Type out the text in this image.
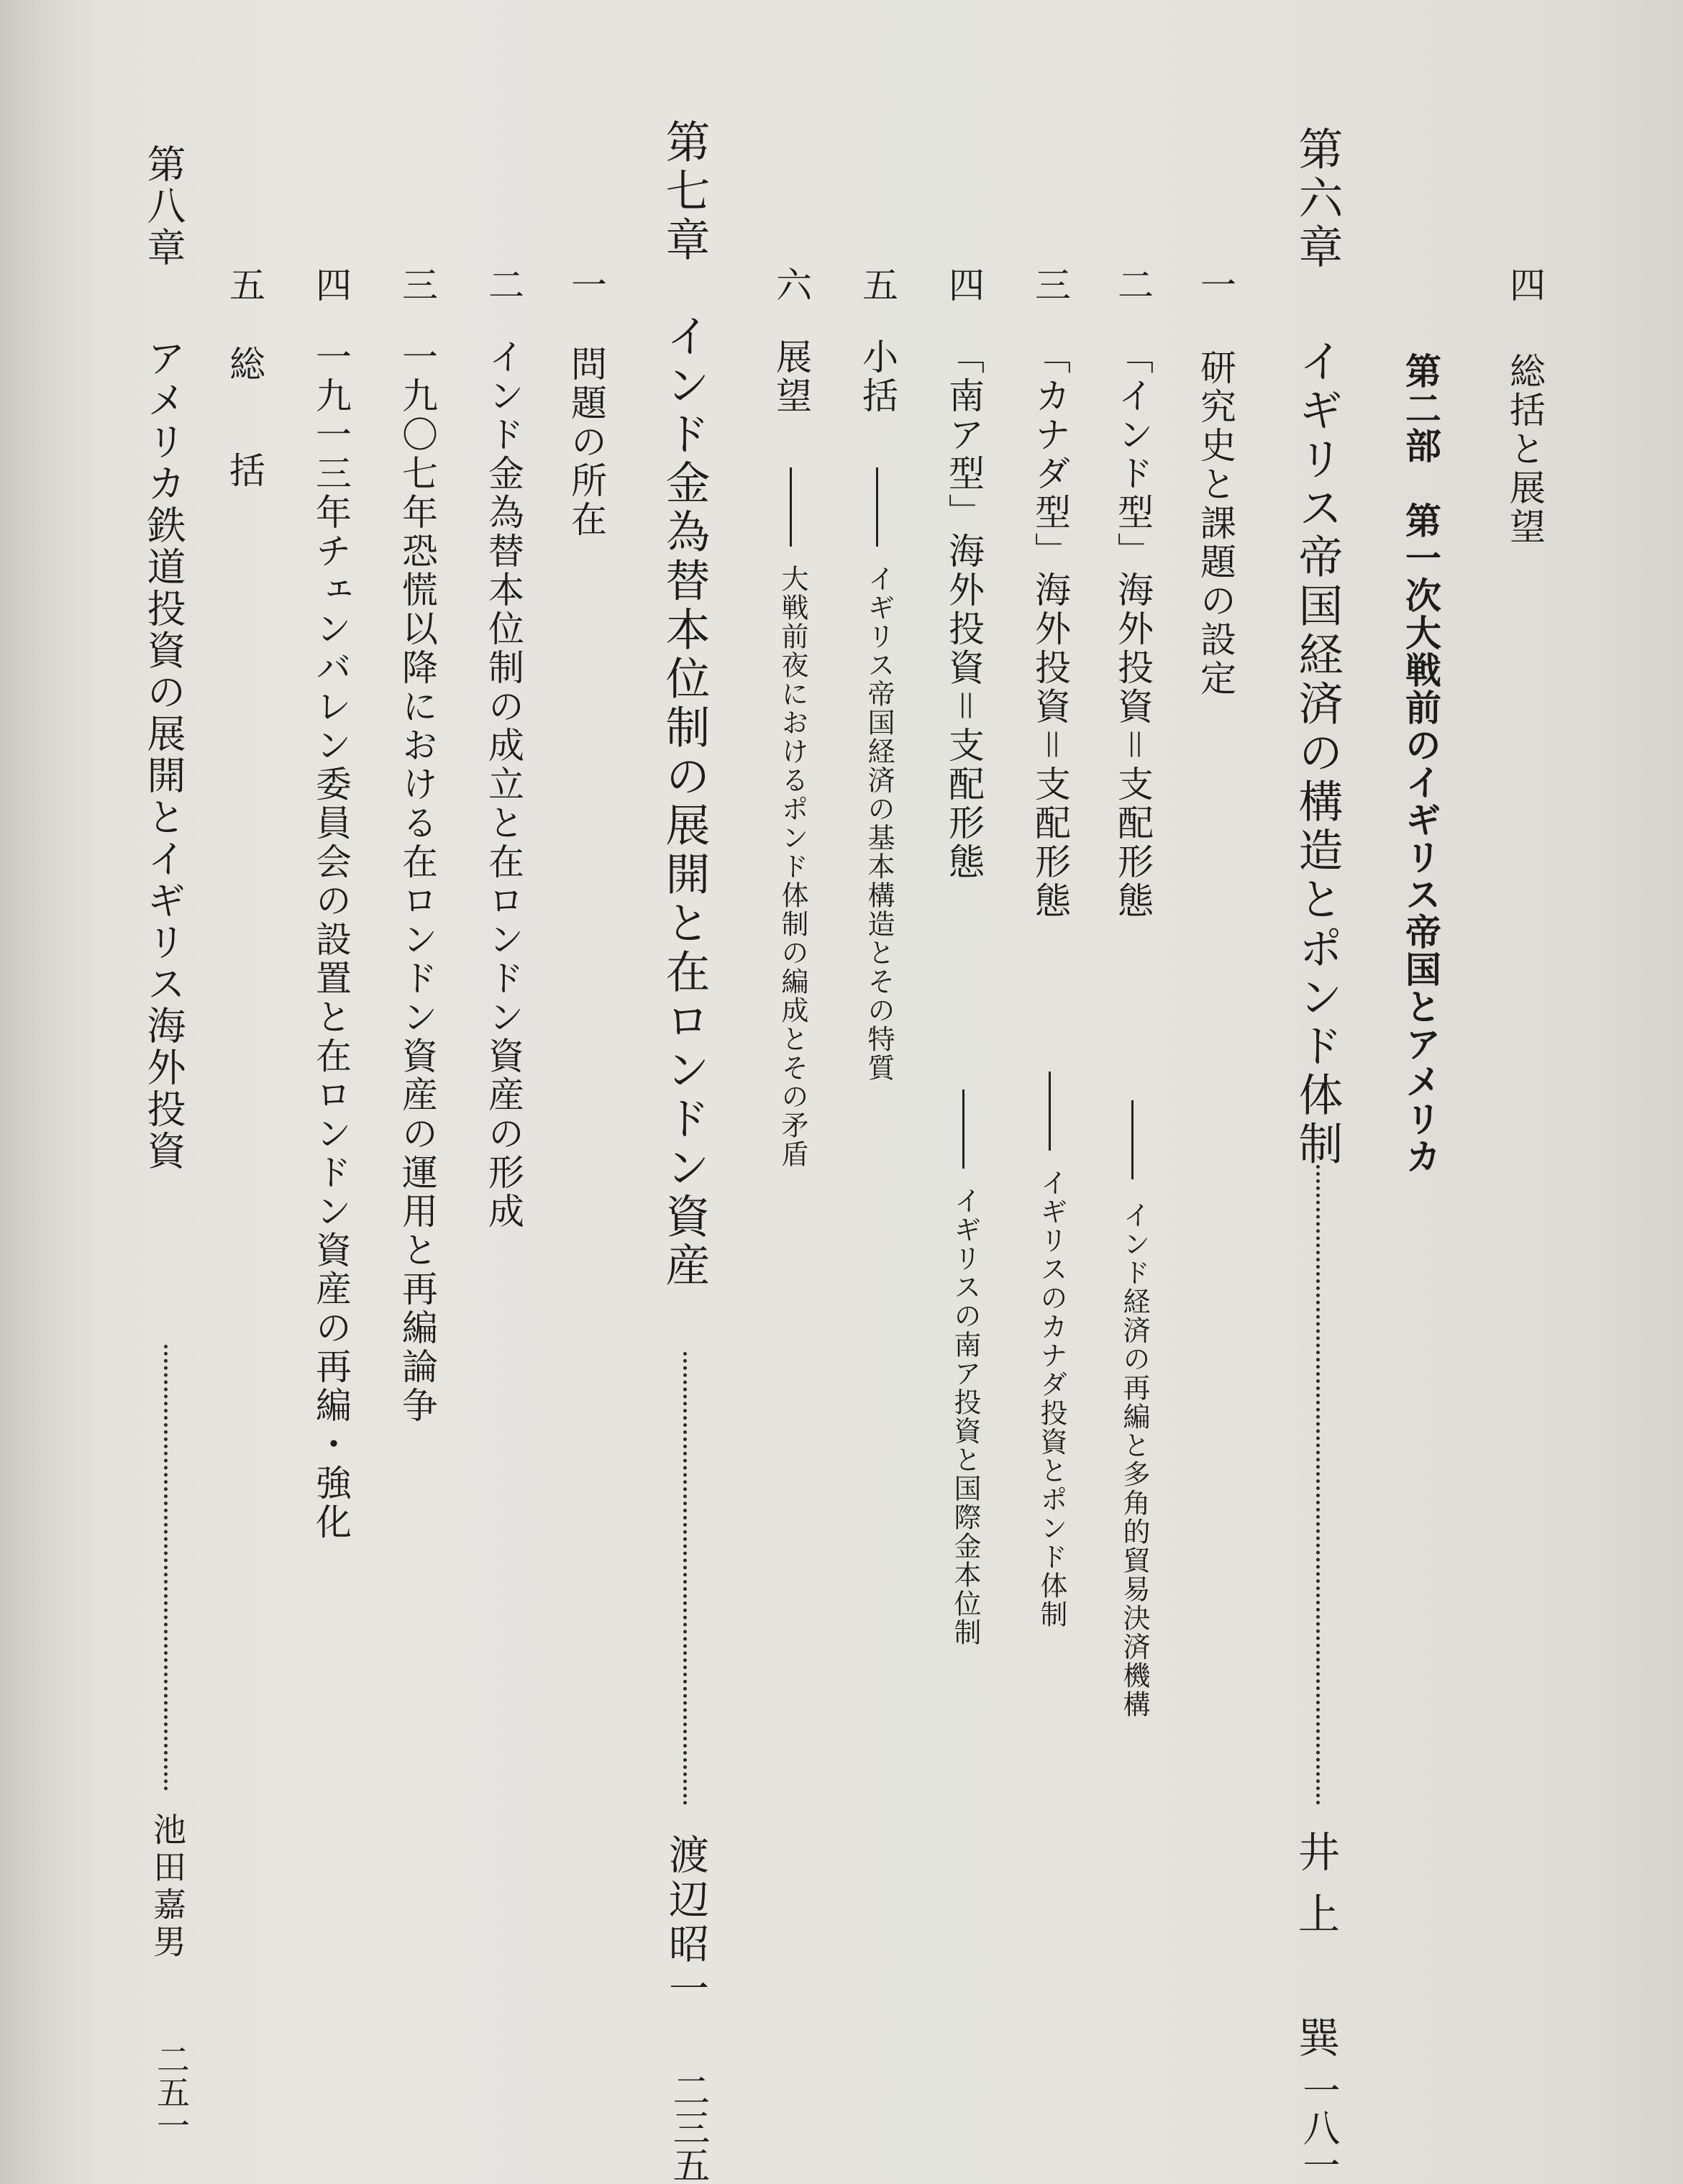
四
総括と展望
第二部　第一次大戦前のイギリス帝国とアメリカ
第六章
イギリス帝国経済の構造とポンド体制
井上　巽
一八一
一
研究史と課題の設定
二
「インド型」海外投資＝支配形態
インド経済の再編と多角的貿易決済機構
三
「カナダ型」海外投資＝支配形態
イギリスのカナダ投資とポンド体制
四
「南ア型」海外投資＝支配形態
イギリスの南ア投資と国際金本位制
五
小括
イギリス帝国経済の基本構造とその特質
六
展望
大戦前夜におけるポンド体制の編成とその矛盾
第七章
インド金為替本位制の展開と在ロンドン資産
渡辺昭一
二三五
一
問題の所在
二
インド金為替本位制の成立と在ロンドン資産の形成
三
一九〇七年恐慌以降における在ロンドン資産の運用と再編論争
四
一九一三年チェンバレン委員会の設置と在ロンドン資産の再編・強化
五
総　括
第八章
アメリカ鉄道投資の展開とイギリス海外投資
池田嘉男
二五一
